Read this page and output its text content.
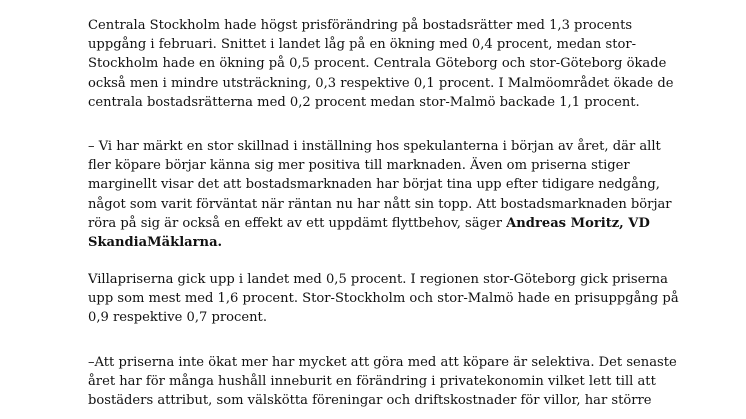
Centrala Stockholm hade högst prisförändring på bostadsrätter med 1,3 procents
uppgång i februari. Snittet i landet låg på en ökning med 0,4 procent, medan stor-
Stockholm hade en ökning på 0,5 procent. Centrala Göteborg och stor-Göteborg ökade
också men i mindre utsträckning, 0,3 respektive 0,1 procent. I Malmöområdet ökade de
centrala bostadsrätterna med 0,2 procent medan stor-Malmö backade 1,1 procent.

– Vi har märkt en stor skillnad i inställning hos spekulanterna i början av året, där allt
fler köpare börjar känna sig mer positiva till marknaden. Även om priserna stiger
marginellt visar det att bostadsmarknaden har börjat tina upp efter tidigare nedgång,
något som varit förväntat när räntan nu har nått sin topp. Att bostadsmarknaden börjar
röra på sig är också en effekt av ett uppdämt flyttbehov, säger Andreas Moritz, VD
SkandiaMäklarna.

Villapriserna gick upp i landet med 0,5 procent. I regionen stor-Göteborg gick priserna
upp som mest med 1,6 procent. Stor-Stockholm och stor-Malmö hade en prisuppgång på
0,9 respektive 0,7 procent.

–Att priserna inte ökat mer har mycket att göra med att köpare är selektiva. Det senaste
året har för många hushåll inneburit en förändring i privatekonomin vilket lett till att
bostäders attribut, som välskötta föreningar och driftskostnader för villor, har större
